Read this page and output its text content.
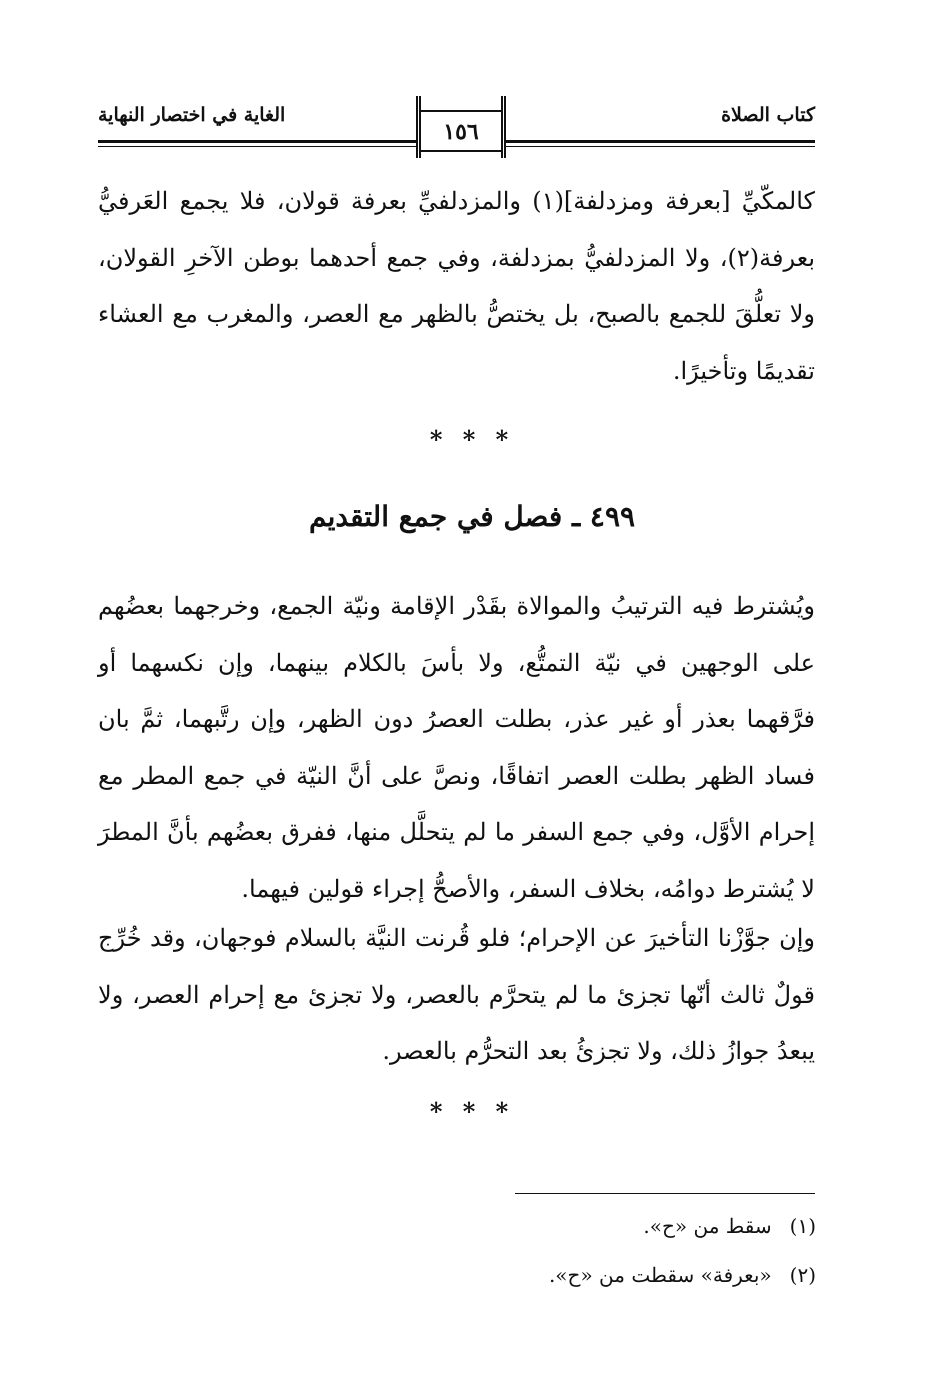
كتاب الصلاة
الغاية في اختصار النهاية
١٥٦

كالمكّيِّ [بعرفة ومزدلفة](١) والمزدلفيِّ بعرفة قولان، فلا يجمع العَرفيُّ بعرفة(٢)، ولا المزدلفيُّ بمزدلفة، وفي جمع أحدهما بوطن الآخرِ القولان، ولا تعلُّقَ للجمع بالصبح، بل يختصُّ بالظهر مع العصر، والمغرب مع العشاء تقديمًا وتأخيرًا.

* * *
٤٩٩ ـ فصل في جمع التقديم

ويُشترط فيه الترتيبُ والموالاة بقَدْر الإقامة ونيّة الجمع، وخرجهما بعضُهم على الوجهين في نيّة التمتُّع، ولا بأسَ بالكلام بينهما، وإن نكسهما أو فرَّقهما بعذر أو غير عذر، بطلت العصرُ دون الظهر، وإن رتَّبهما، ثمَّ بان فساد الظهر بطلت العصر اتفاقًا، ونصَّ على أنَّ النيّة في جمع المطر مع إحرام الأوَّل، وفي جمع السفر ما لم يتحلَّل منها، ففرق بعضُهم بأنَّ المطرَ لا يُشترط دوامُه، بخلاف السفر، والأصحُّ إجراء قولين فيهما.

وإن جوَّزْنا التأخيرَ عن الإحرام؛ فلو قُرنت النيَّة بالسلام فوجهان، وقد خُرِّج قولٌ ثالث أنّها تجزئ ما لم يتحرَّم بالعصر، ولا تجزئ مع إحرام العصر، ولا يبعدُ جوازُ ذلك، ولا تجزئُ بعد التحرُّم بالعصر.

* * *
(١) سقط من «ح».
(٢) «بعرفة» سقطت من «ح».
